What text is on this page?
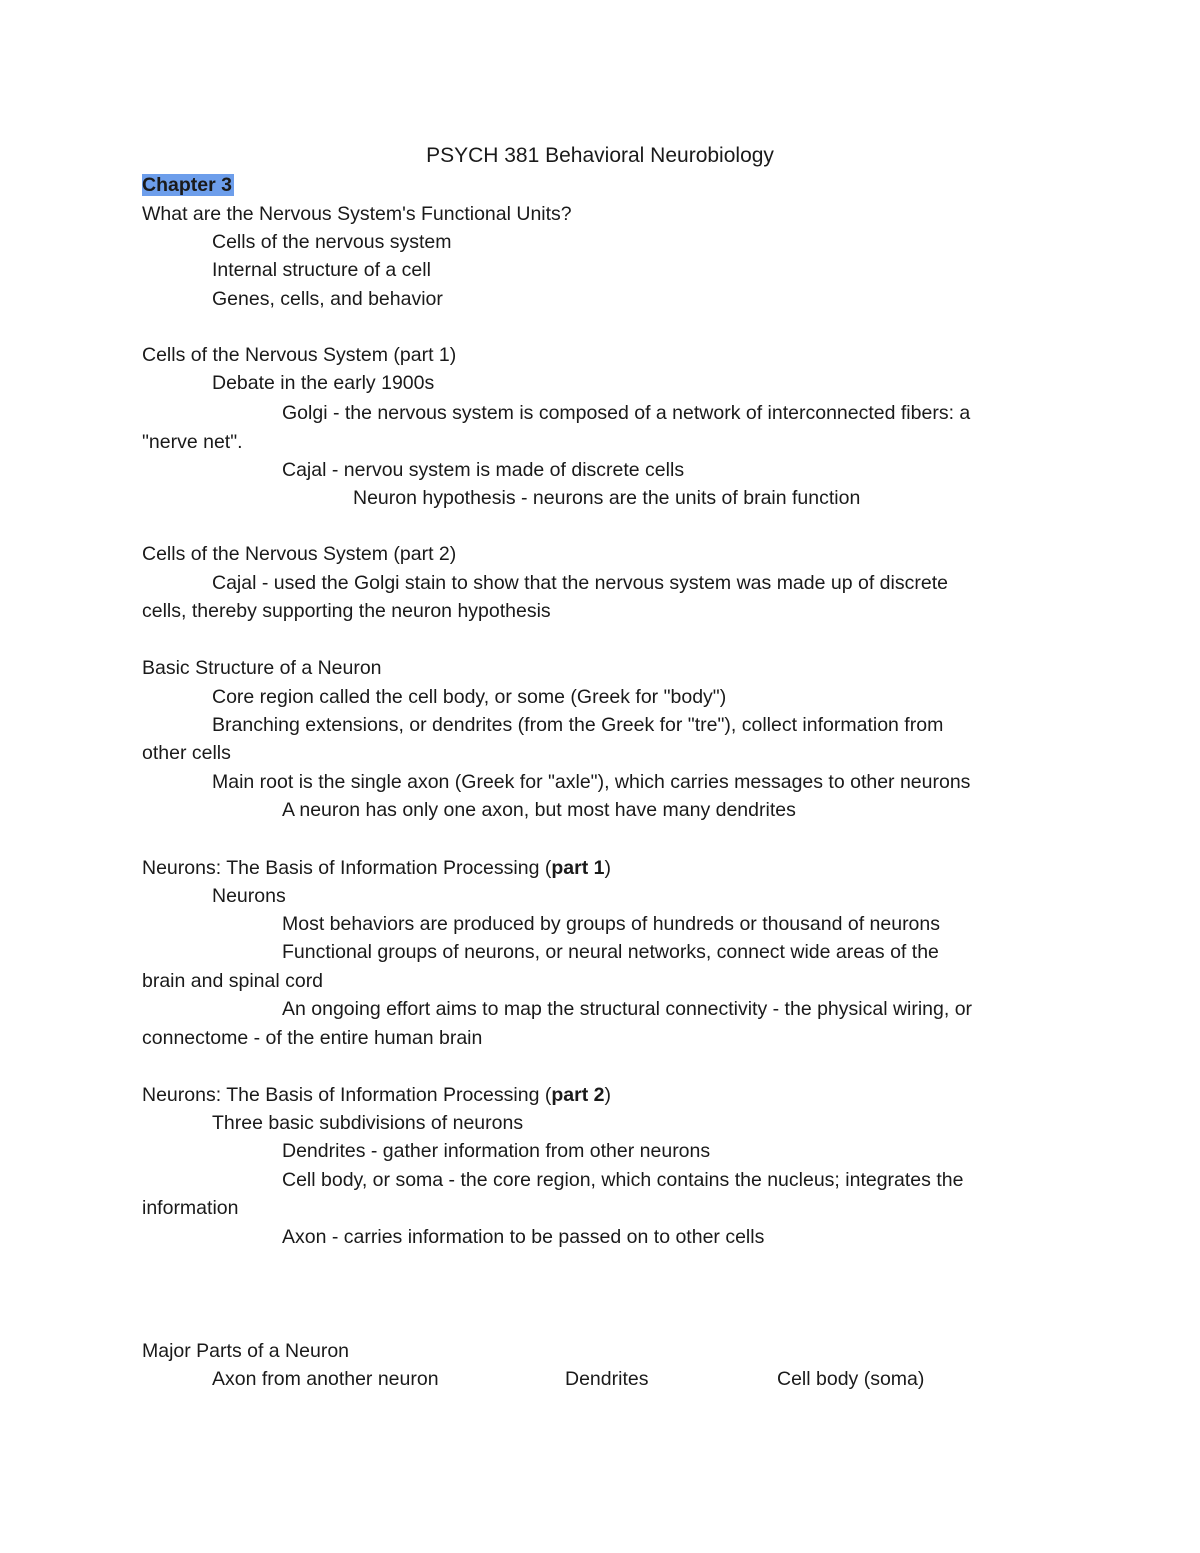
PSYCH 381 Behavioral Neurobiology
Chapter 3
What are the Nervous System's Functional Units?
Cells of the nervous system
Internal structure of a cell
Genes, cells, and behavior
Cells of the Nervous System (part 1)
Debate in the early 1900s
Golgi - the nervous system is composed of a network of interconnected fibers: a
"nerve net".
Cajal - nervou system is made of discrete cells
Neuron hypothesis - neurons are the units of brain function
Cells of the Nervous System (part 2)
Cajal - used the Golgi stain to show that the nervous system was made up of discrete
cells, thereby supporting the neuron hypothesis
Basic Structure of a Neuron
Core region called the cell body, or some (Greek for "body")
Branching extensions, or dendrites (from the Greek for "tre"), collect information from
other cells
Main root is the single axon (Greek for "axle"), which carries messages to other neurons
A neuron has only one axon, but most have many dendrites
Neurons: The Basis of Information Processing (part 1)
Neurons
Most behaviors are produced by groups of hundreds or thousand of neurons
Functional groups of neurons, or neural networks, connect wide areas of the
brain and spinal cord
An ongoing effort aims to map the structural connectivity - the physical wiring, or
connectome - of the entire human brain
Neurons: The Basis of Information Processing (part 2)
Three basic subdivisions of neurons
Dendrites - gather information from other neurons
Cell body, or soma - the core region, which contains the nucleus; integrates the
information
Axon - carries information to be passed on to other cells
Major Parts of a Neuron
Axon from another neuron	Dendrites	Cell body (soma)
